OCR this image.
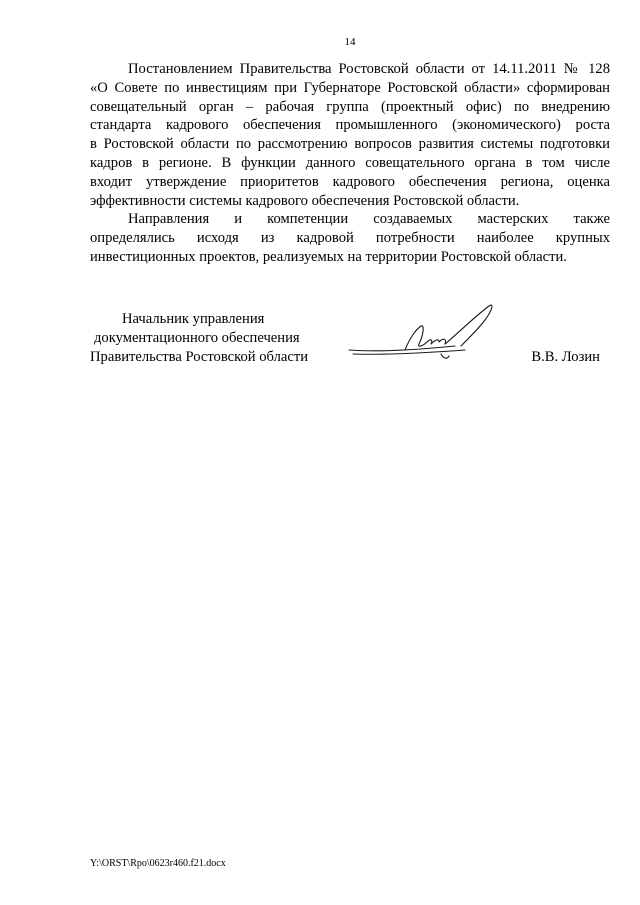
14

Постановлением Правительства Ростовской области от 14.11.2011 № 128
«О Совете по инвестициям при Губернаторе Ростовской области» сформирован
совещательный орган – рабочая группа (проектный офис) по внедрению
стандарта кадрового обеспечения промышленного (экономического) роста
в Ростовской области по рассмотрению вопросов развития системы подготовки
кадров в регионе. В функции данного совещательного органа в том числе
входит утверждение приоритетов кадрового обеспечения региона, оценка
эффективности системы кадрового обеспечения Ростовской области.

Направления и компетенции создаваемых мастерских также
определялись исходя из кадровой потребности наиболее крупных
инвестиционных проектов, реализуемых на территории Ростовской области.

Начальник управления
документационного обеспечения
Правительства Ростовской области	В.В. Лозин
Y:\ORST\Rpo\0623r460.f21.docx
